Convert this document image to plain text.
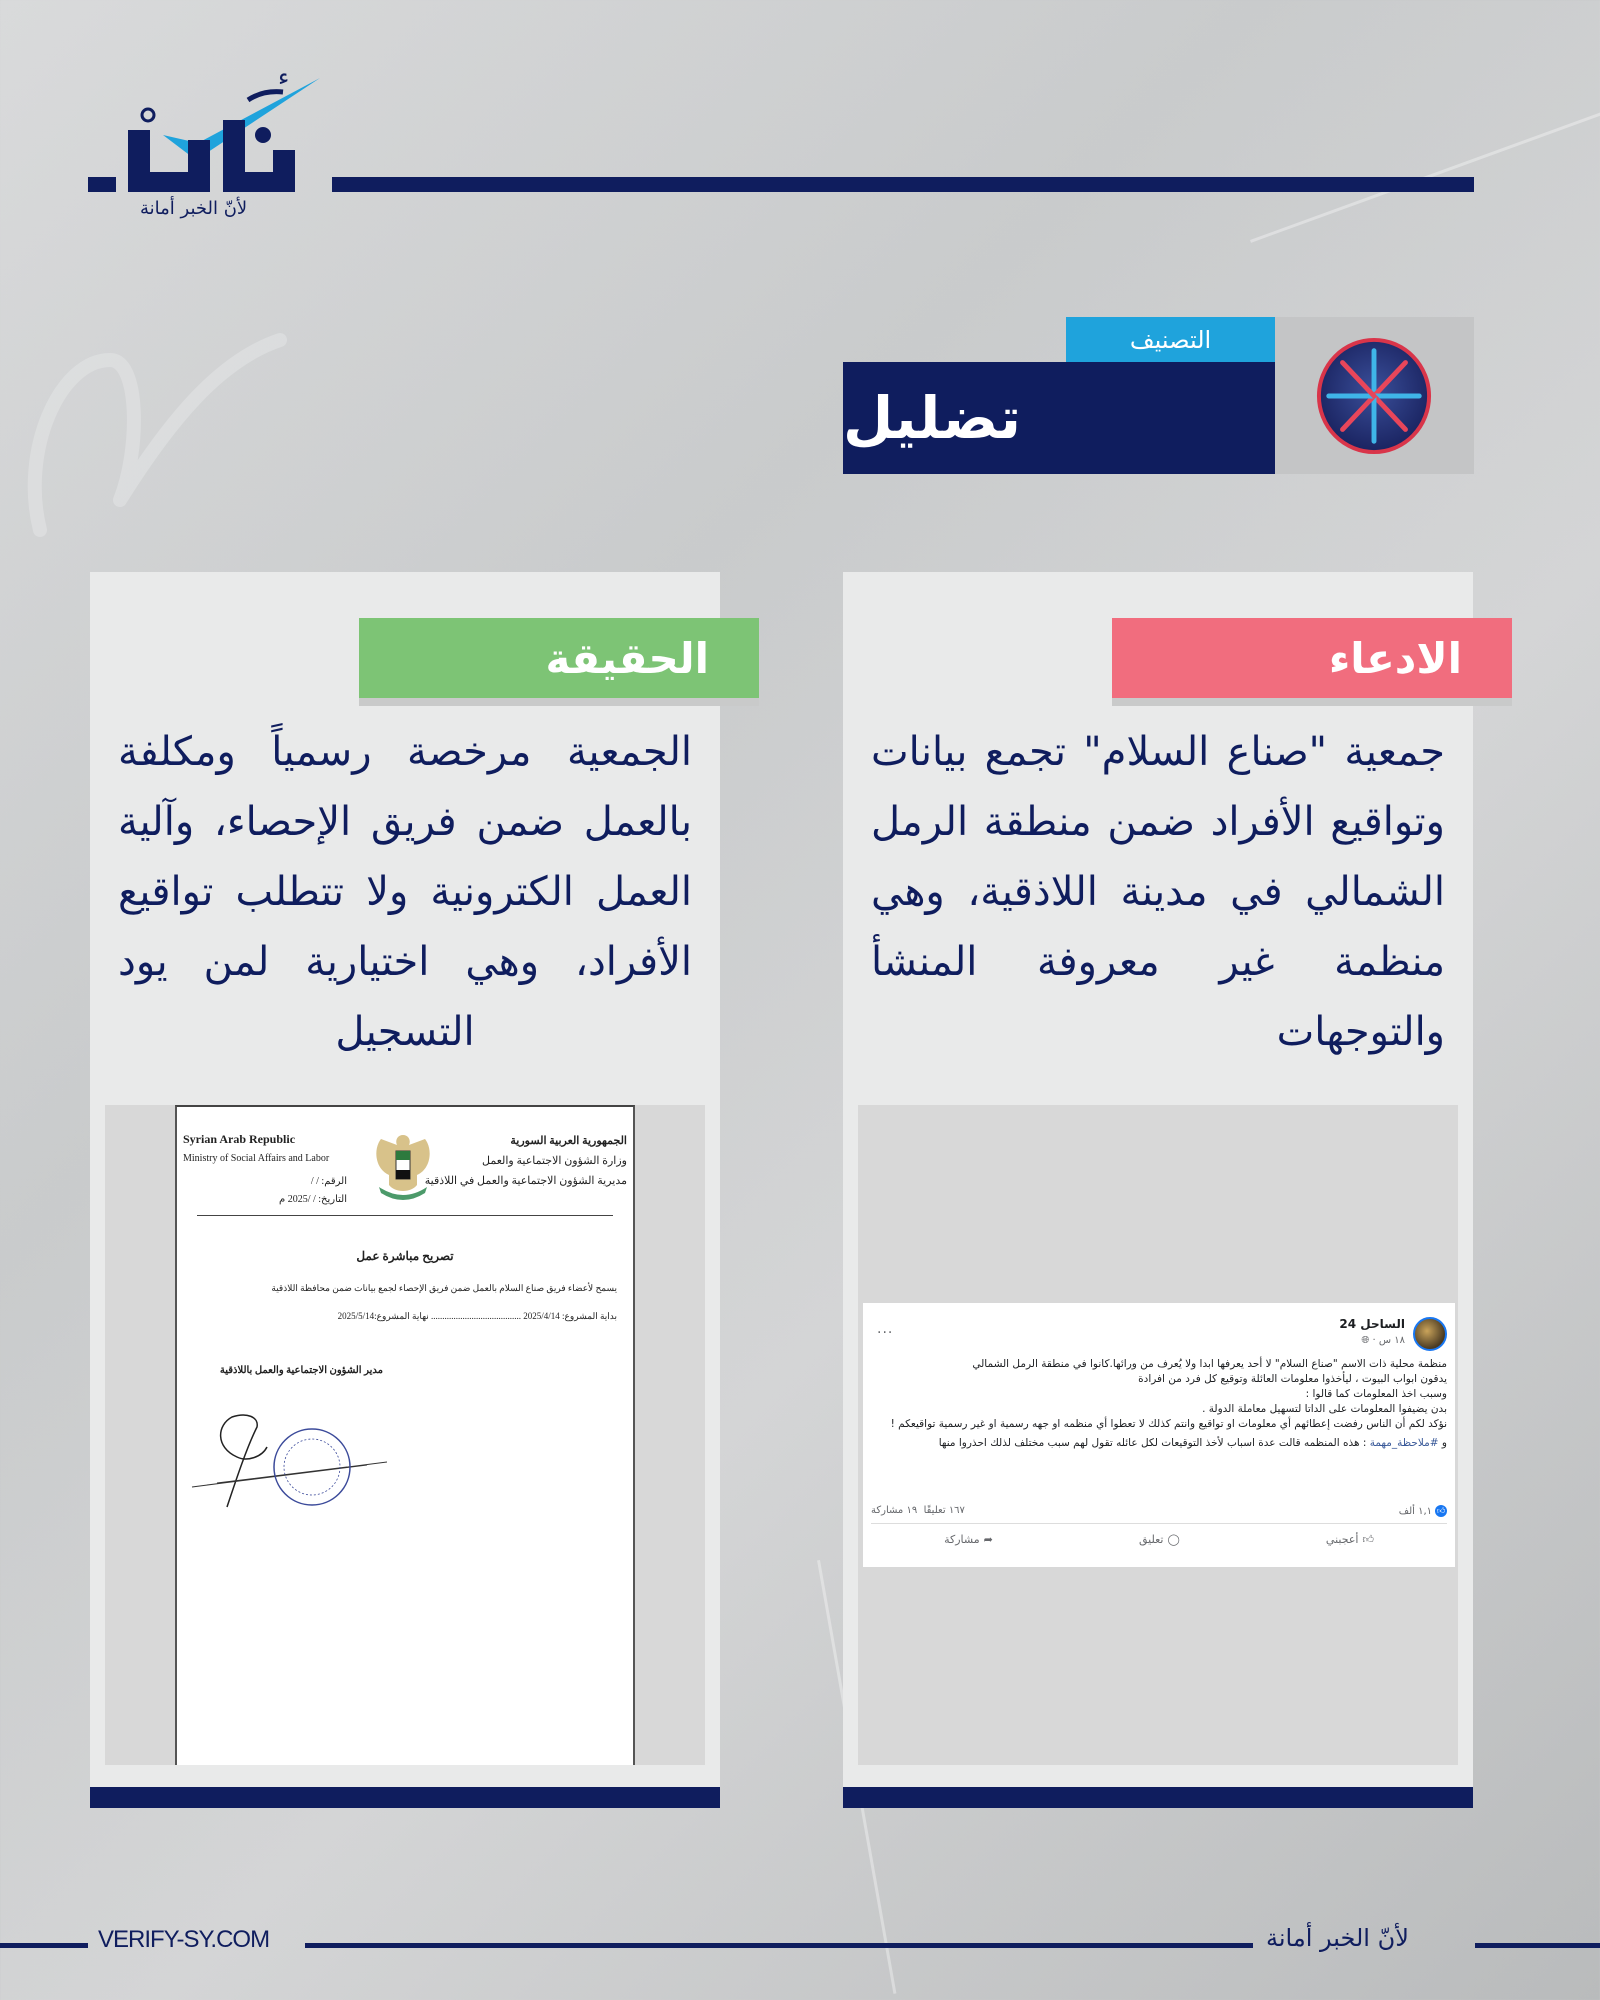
ء
لأنّ الخبر أمانة
التصنيف
تضليل
الحقيقة
الجمعية مرخصة رسمياً ومكلفة بالعمل ضمن فريق الإحصاء، وآلية العمل الكترونية ولا تتطلب تواقيع الأفراد، وهي اختيارية لمن يود التسجيل
Syrian Arab Republic
Ministry of Social Affairs and Labor
الجمهورية العربية السورية
وزارة الشؤون الاجتماعية والعمل
مديرية الشؤون الاجتماعية والعمل في اللاذقية
الرقم: / /
التاريخ: / /2025 م
تصريح مباشرة عمل
يسمح لأعضاء فريق صناع السلام بالعمل ضمن فريق الإحصاء لجمع بيانات ضمن محافظة اللاذقية
بداية المشروع: 2025/4/14 ........................................ نهاية المشروع:2025/5/14
مدير الشؤون الاجتماعية والعمل باللاذقية
الادعاء
جمعية "صناع السلام" تجمع بيانات وتواقيع الأفراد ضمن منطقة الرمل الشمالي في مدينة اللاذقية، وهي منظمة غير معروفة المنشأ والتوجهات
الساحل 24
١٨ س · 🌐︎
...
منظمة محلية ذات الاسم "صناع السلام" لا أحد يعرفها ابدا ولا يُعرف من ورائها.كانوا في منطقة الرمل الشمالي
يدقون ابواب البيوت ، ليأخذوا معلومات العائلة وتوقيع كل فرد من افرادة
وسبب اخذ المعلومات كما قالوا :
بدن يضيفوا المعلومات على الداتا لتسهيل معاملة الدولة .
نؤكد لكم أن الناس رفضت إعطائهم أي معلومات او تواقيع وانتم كذلك لا تعطوا أي منظمه او جهه رسمية او غير رسمية تواقيعكم !
و #ملاحظة_مهمة : هذه المنظمه قالت عدة اسباب لأخذ التوقيعات لكل عائله تقول لهم سبب مختلف لذلك احذروا منها
👍︎١,١ ألف
١٦٧ تعليقًا  ١٩ مشاركة
👍︎أعجبني
◯تعليق
➦مشاركة
VERIFY-SY.COM	لأنّ الخبر أمانة
